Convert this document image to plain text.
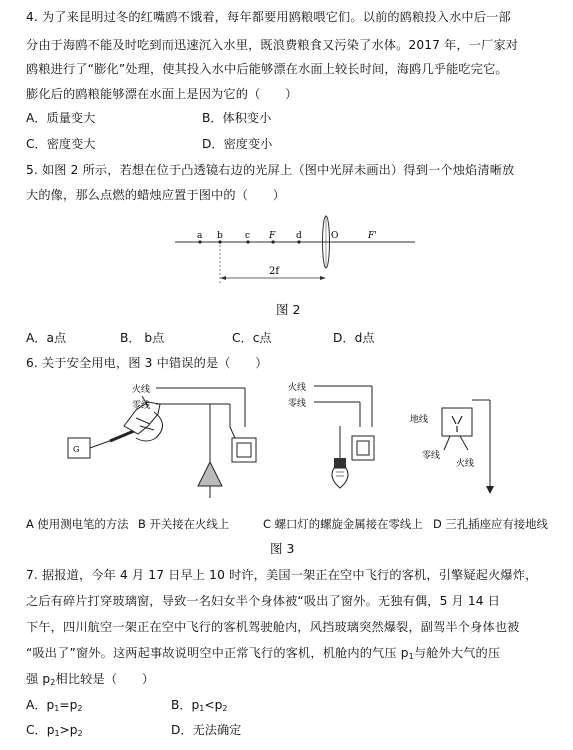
4. 为了来昆明过冬的红嘴鸥不饿着，每年都要用鸥粮喂它们。以前的鸥粮投入水中后一部
分由于海鸥不能及时吃到而迅速沉入水里，既浪费粮食又污染了水体。2017 年，一厂家对
鸥粮进行了“膨化”处理，使其投入水中后能够漂在水面上较长时间，海鸥几乎能吃完它。
膨化后的鸥粮能够漂在水面上是因为它的（　　）
A．质量变大	B．体积变小
C．密度变大	D．密度变小
5. 如图 2 所示，若想在位于凸透镜右边的光屏上（图中光屏未画出）得到一个烛焰清晰放
大的像，那么点燃的蜡烛应置于图中的（　　）
a b c F d	O	F'
2f
图 2
A．a点	B． b点	C．c点	D．d点
6. 关于安全用电，图 3 中错误的是（　　）
G
火线
零线
火线
零线
地线
零线
火线
A 使用测电笔的方法 B 开关接在火线上	C 螺口灯的螺旋金属接在零线上 D 三孔插座应有接地线
图 3
7. 据报道，今年 4 月 17 日早上 10 时许，美国一架正在空中飞行的客机，引擎疑起火爆炸，
之后有碎片打穿玻璃窗，导致一名妇女半个身体被“吸出了窗外。无独有偶，5 月 14 日
下午，四川航空一架正在空中飞行的客机驾驶舱内，风挡玻璃突然爆裂，副驾半个身体也被
“吸出了”窗外。这两起事故说明空中正常飞行的客机，机舱内的气压 $p_1$与舱外大气的压
强 $p_2$相比较是（　　）
A．$p_1=p_2$	B．$p_1<p_2$
C．$p_1>p_2$	D．无法确定
